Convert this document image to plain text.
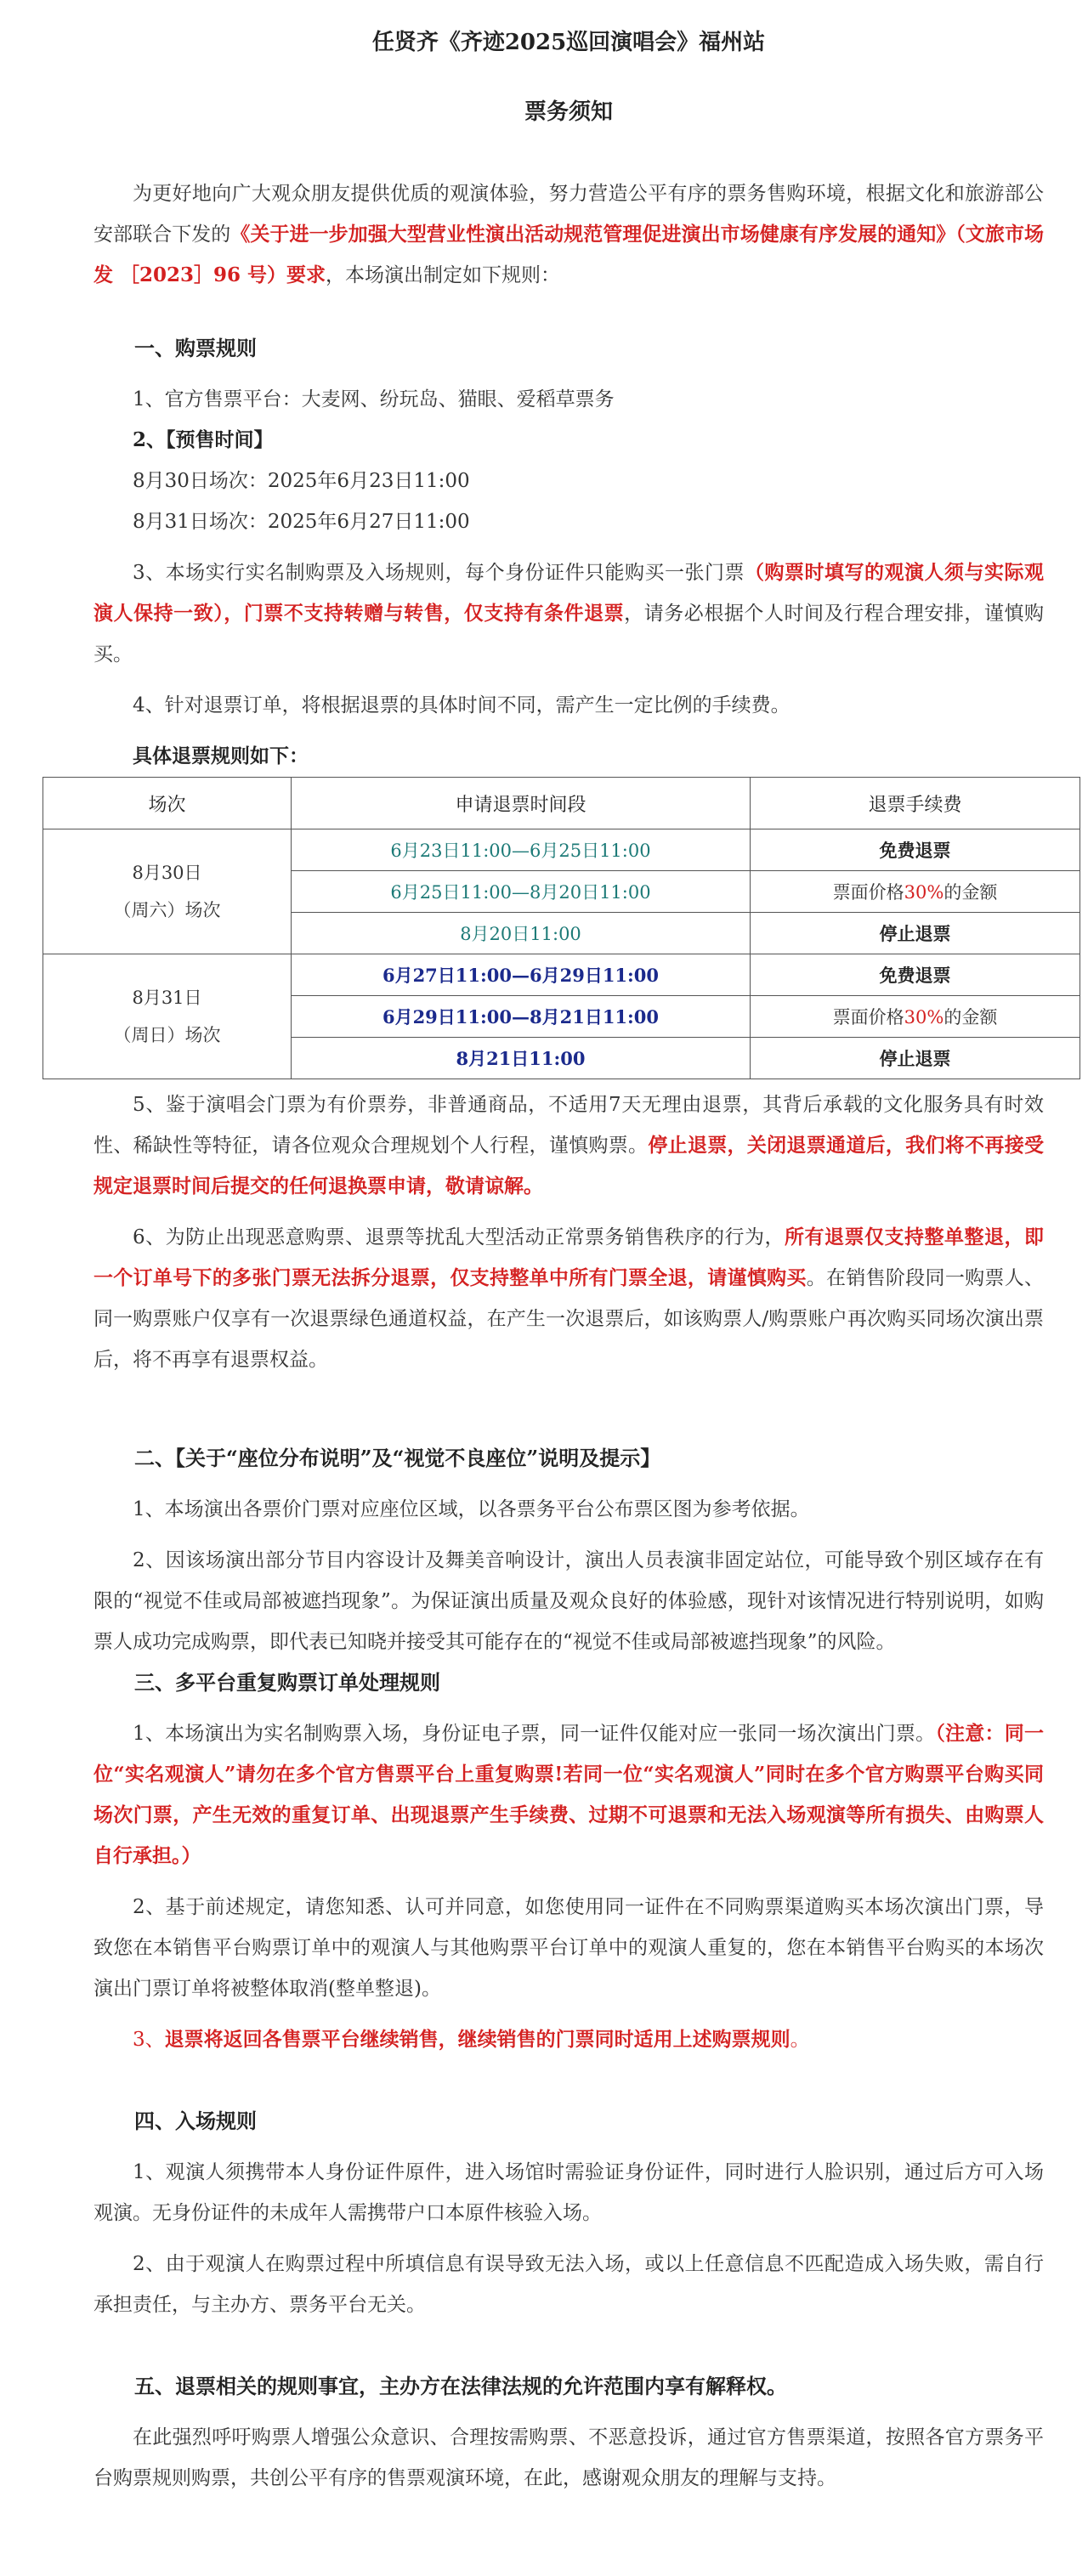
任贤齐《齐迹2025巡回演唱会》福州站
票务须知

为更好地向广大观众朋友提供优质的观演体验，努力营造公平有序的票务售购环境，根据文化和旅游部公安部联合下发的《关于进一步加强大型营业性演出活动规范管理促进演出市场健康有序发展的通知》（文旅市场发 ［2023］96 号）要求，本场演出制定如下规则：

一、购票规则

1、官方售票平台：大麦网、纷玩岛、猫眼、爱稻草票务

2、【预售时间】

8月30日场次：2025年6月23日11:00

8月31日场次：2025年6月27日11:00

3、本场实行实名制购票及入场规则，每个身份证件只能购买一张门票（购票时填写的观演人须与实际观演人保持一致），门票不支持转赠与转售，仅支持有条件退票，请务必根据个人时间及行程合理安排，谨慎购买。

4、针对退票订单，将根据退票的具体时间不同，需产生一定比例的手续费。

具体退票规则如下：

场次	申请退票时间段	退票手续费
8月30日
（周六）场次	6月23日11:00—6月25日11:00	免费退票
	6月25日11:00—8月20日11:00	票面价格30%的金额
	8月20日11:00	停止退票
8月31日
（周日）场次	6月27日11:00—6月29日11:00	免费退票
	6月29日11:00—8月21日11:00	票面价格30%的金额
	8月21日11:00	停止退票

5、鉴于演唱会门票为有价票券，非普通商品，不适用7天无理由退票，其背后承载的文化服务具有时效性、稀缺性等特征，请各位观众合理规划个人行程，谨慎购票。停止退票，关闭退票通道后，我们将不再接受规定退票时间后提交的任何退换票申请，敬请谅解。

6、为防止出现恶意购票、退票等扰乱大型活动正常票务销售秩序的行为，所有退票仅支持整单整退，即一个订单号下的多张门票无法拆分退票，仅支持整单中所有门票全退，请谨慎购买。在销售阶段同一购票人、同一购票账户仅享有一次退票绿色通道权益，在产生一次退票后，如该购票人/购票账户再次购买同场次演出票后，将不再享有退票权益。

二、【关于“座位分布说明”及“视觉不良座位”说明及提示】

1、本场演出各票价门票对应座位区域，以各票务平台公布票区图为参考依据。

2、因该场演出部分节目内容设计及舞美音响设计，演出人员表演非固定站位，可能导致个别区域存在有限的“视觉不佳或局部被遮挡现象”。为保证演出质量及观众良好的体验感，现针对该情况进行特别说明，如购票人成功完成购票，即代表已知晓并接受其可能存在的“视觉不佳或局部被遮挡现象”的风险。

三、多平台重复购票订单处理规则

1、本场演出为实名制购票入场，身份证电子票，同一证件仅能对应一张同一场次演出门票。（注意：同一位“实名观演人”请勿在多个官方售票平台上重复购票!若同一位“实名观演人”同时在多个官方购票平台购买同场次门票，产生无效的重复订单、出现退票产生手续费、过期不可退票和无法入场观演等所有损失、由购票人自行承担。）

2、基于前述规定，请您知悉、认可并同意，如您使用同一证件在不同购票渠道购买本场次演出门票，导致您在本销售平台购票订单中的观演人与其他购票平台订单中的观演人重复的，您在本销售平台购买的本场次演出门票订单将被整体取消(整单整退)。

3、退票将返回各售票平台继续销售，继续销售的门票同时适用上述购票规则。

四、入场规则

1、观演人须携带本人身份证件原件，进入场馆时需验证身份证件，同时进行人脸识别，通过后方可入场观演。无身份证件的未成年人需携带户口本原件核验入场。

2、由于观演人在购票过程中所填信息有误导致无法入场，或以上任意信息不匹配造成入场失败，需自行承担责任，与主办方、票务平台无关。

五、退票相关的规则事宜，主办方在法律法规的允许范围内享有解释权。

在此强烈呼吁购票人增强公众意识、合理按需购票、不恶意投诉，通过官方售票渠道，按照各官方票务平台购票规则购票，共创公平有序的售票观演环境，在此，感谢观众朋友的理解与支持。
